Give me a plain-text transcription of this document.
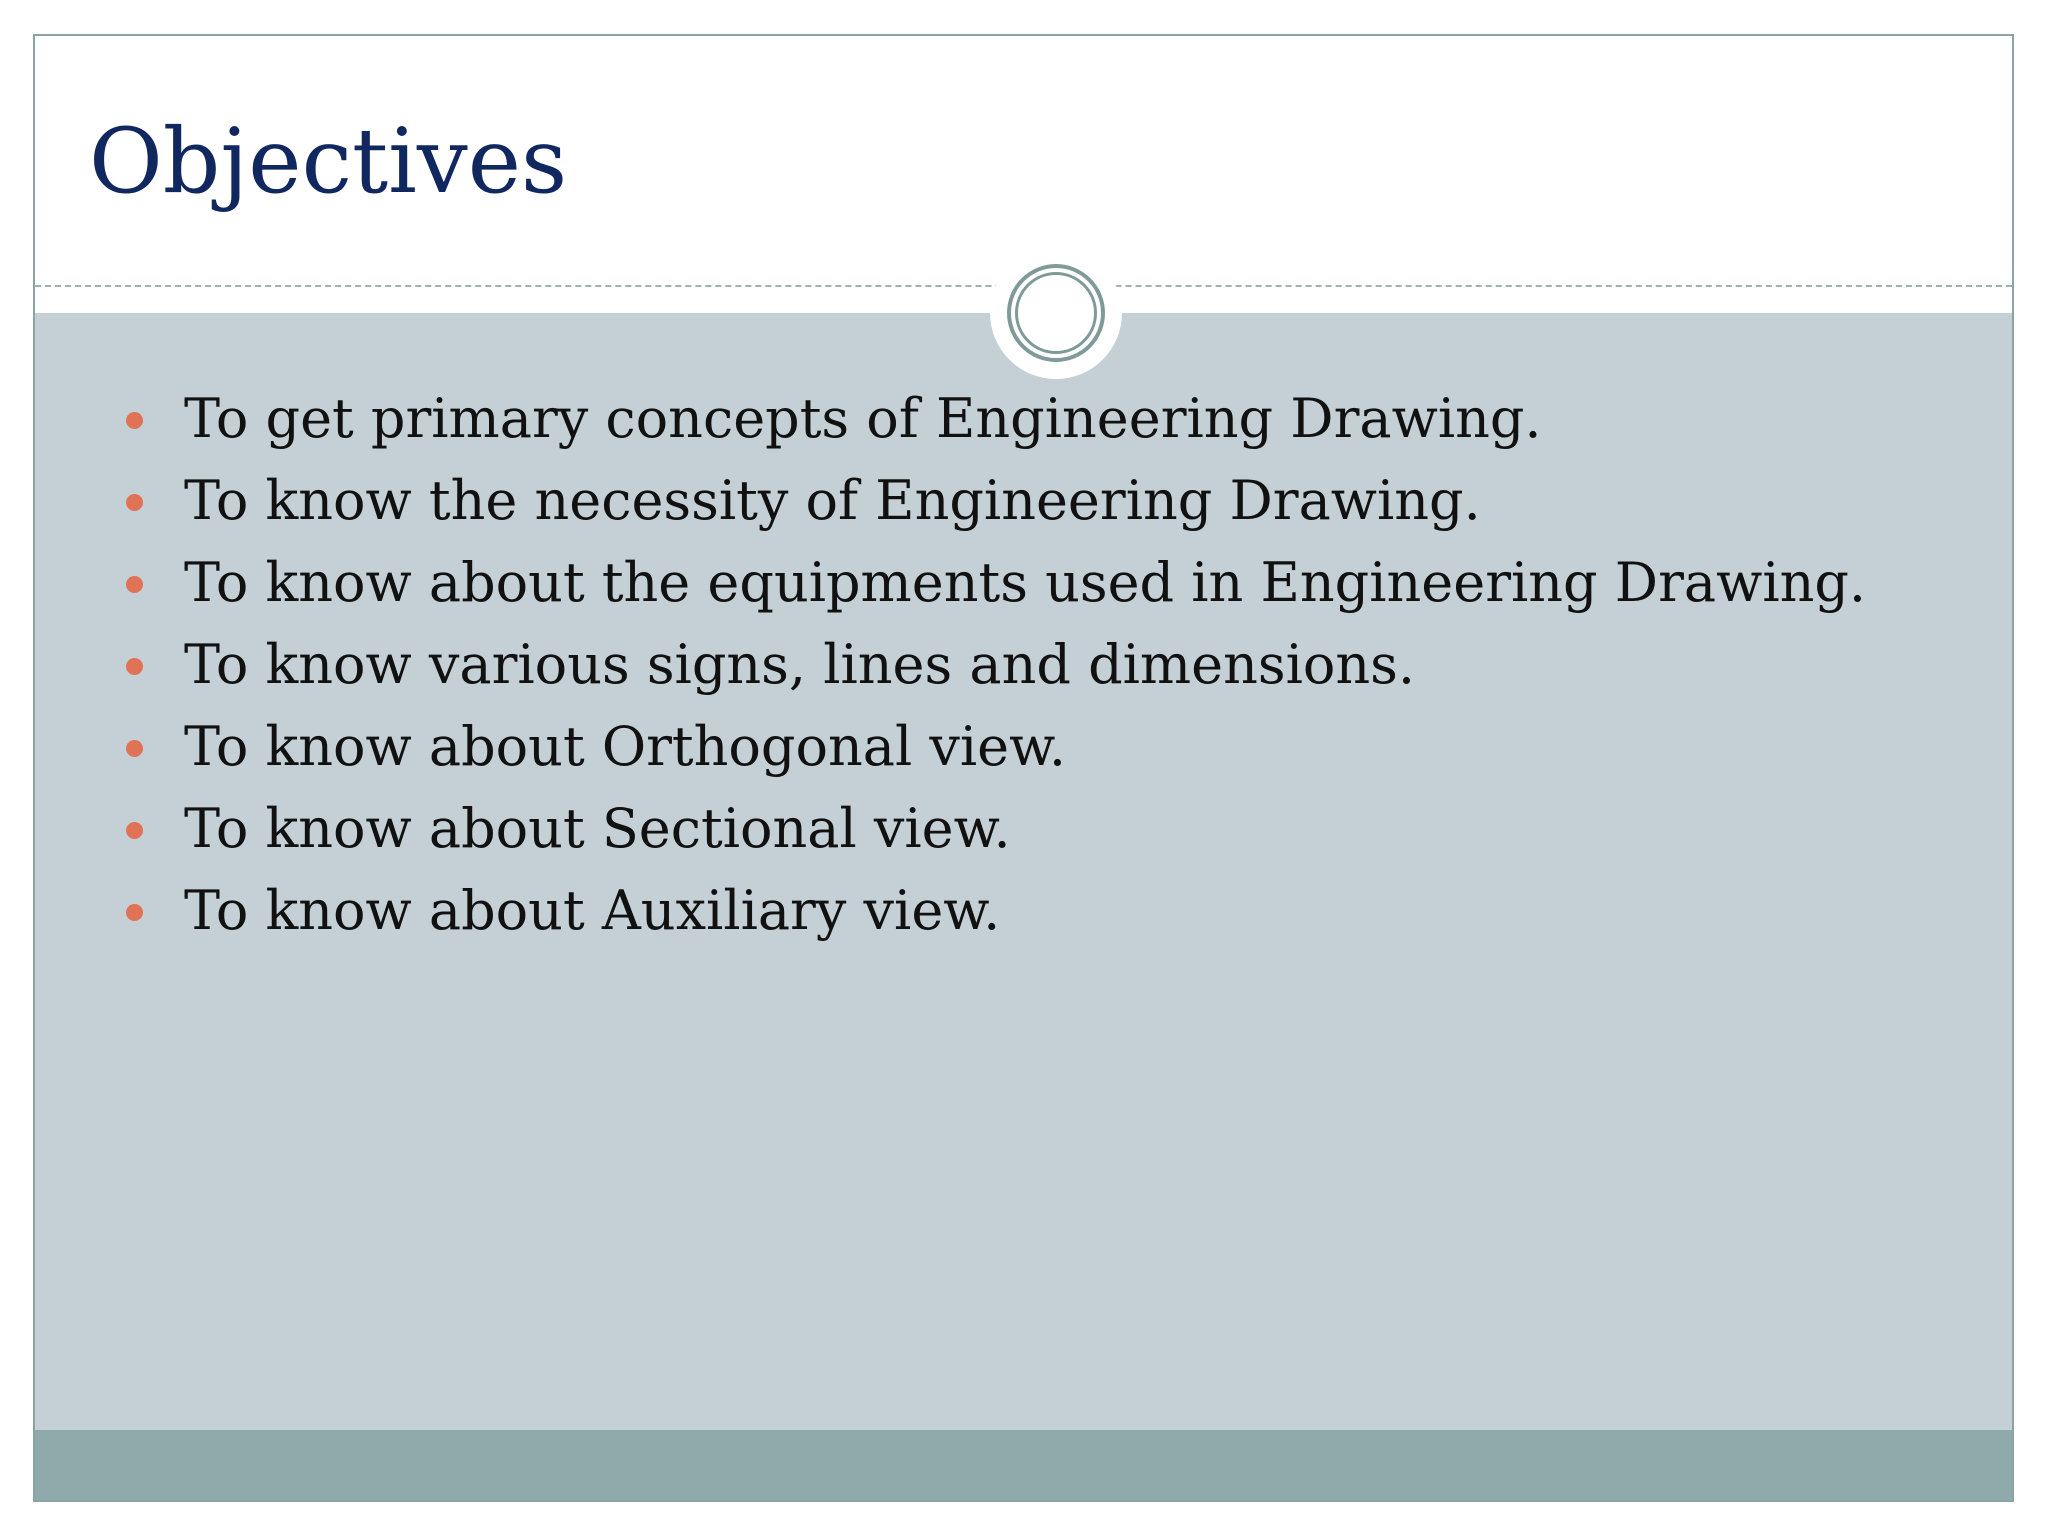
Objectives
To get primary concepts of Engineering Drawing.
To know the necessity of Engineering Drawing.
To know about the equipments used in Engineering Drawing.
To know various signs, lines and dimensions.
To know about Orthogonal view.
To know about Sectional view.
To know about Auxiliary view.
